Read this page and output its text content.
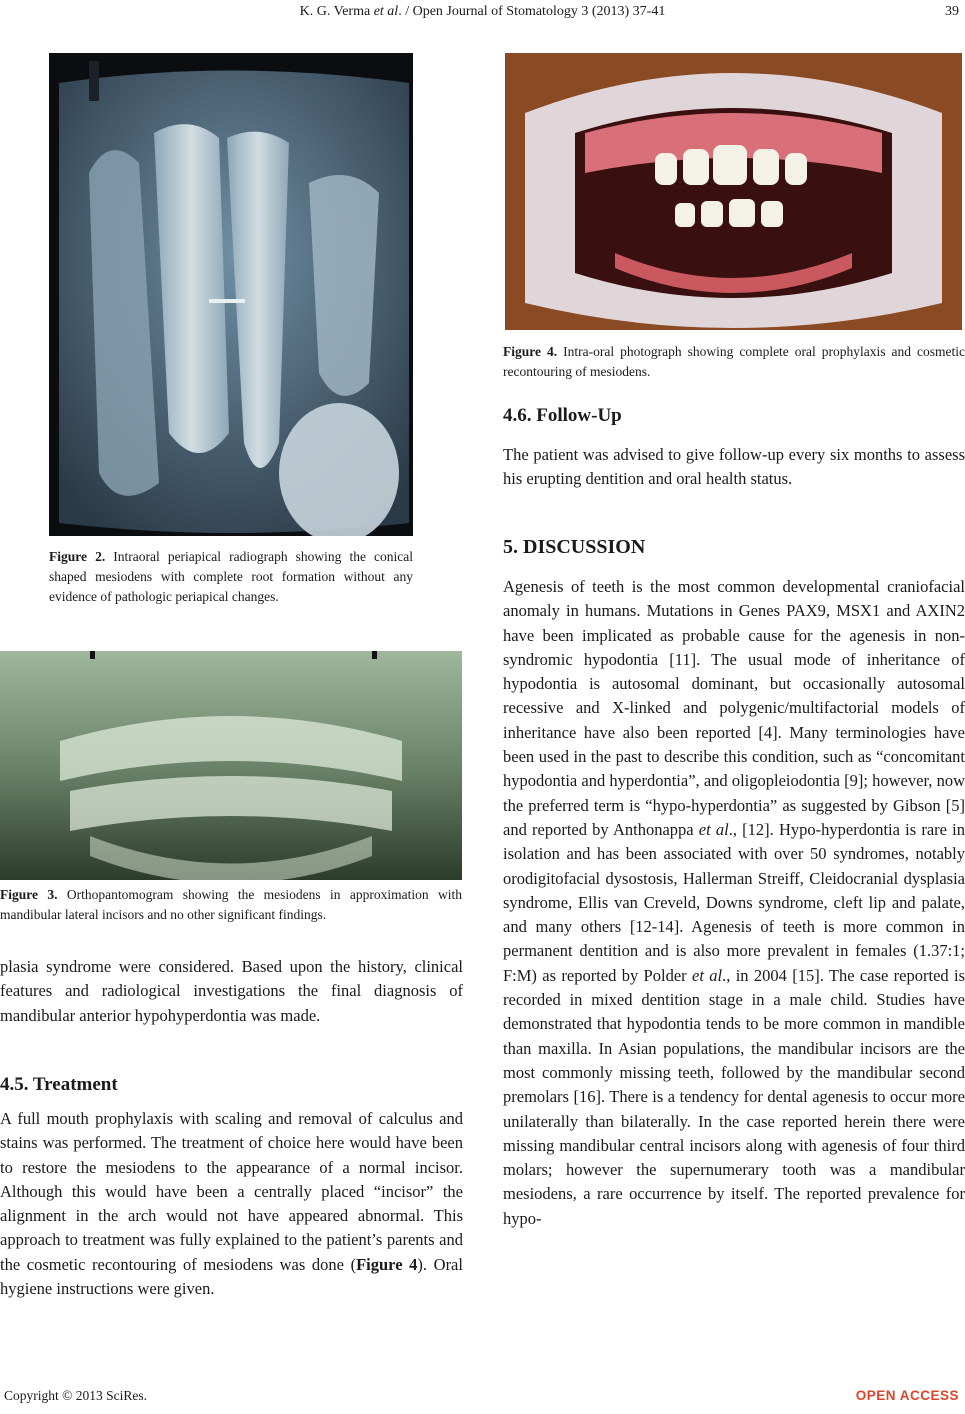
K. G. Verma et al. / Open Journal of Stomatology 3 (2013) 37-41	39
Figure 2. Intraoral periapical radiograph showing the conical shaped mesiodens with complete root formation without any evidence of pathologic periapical changes.
Figure 3. Orthopantomogram showing the mesiodens in approximation with mandibular lateral incisors and no other significant findings.

plasia syndrome were considered. Based upon the history, clinical features and radiological investigations the final diagnosis of mandibular anterior hypohyperdontia was made.

4.5. Treatment

A full mouth prophylaxis with scaling and removal of calculus and stains was performed. The treatment of choice here would have been to restore the mesiodens to the appearance of a normal incisor. Although this would have been a centrally placed “incisor” the alignment in the arch would not have appeared abnormal. This approach to treatment was fully explained to the patient’s parents and the cosmetic recontouring of mesiodens was done (Figure 4). Oral hygiene instructions were given.

Figure 4. Intra-oral photograph showing complete oral prophylaxis and cosmetic recontouring of mesiodens.
4.6. Follow-Up

The patient was advised to give follow-up every six months to assess his erupting dentition and oral health status.

5. DISCUSSION

Agenesis of teeth is the most common developmental craniofacial anomaly in humans. Mutations in Genes PAX9, MSX1 and AXIN2 have been implicated as probable cause for the agenesis in non-syndromic hypodontia [11]. The usual mode of inheritance of hypodontia is autosomal dominant, but occasionally autosomal recessive and X-linked and polygenic/multifactorial models of inheritance have also been reported [4]. Many terminologies have been used in the past to describe this condition, such as “concomitant hypodontia and hyperdontia”, and oligopleiodontia [9]; however, now the preferred term is “hypo-hyperdontia” as suggested by Gibson [5] and reported by Anthonappa et al., [12]. Hypo-hyperdontia is rare in isolation and has been associated with over 50 syndromes, notably orodigitofacial dysostosis, Hallerman Streiff, Cleidocranial dysplasia syndrome, Ellis van Creveld, Downs syndrome, cleft lip and palate, and many others [12-14]. Agenesis of teeth is more common in permanent dentition and is also more prevalent in females (1.37:1; F:M) as reported by Polder et al., in 2004 [15]. The case reported is recorded in mixed dentition stage in a male child. Studies have demonstrated that hypodontia tends to be more common in mandible than maxilla. In Asian populations, the mandibular incisors are the most commonly missing teeth, followed by the mandibular second premolars [16]. There is a tendency for dental agenesis to occur more unilaterally than bilaterally. In the case reported herein there were missing mandibular central incisors along with agenesis of four third molars; however the supernumerary tooth was a mandibular mesiodens, a rare occurrence by itself. The reported prevalence for hypo-

Copyright © 2013 SciRes.	OPEN ACCESS
